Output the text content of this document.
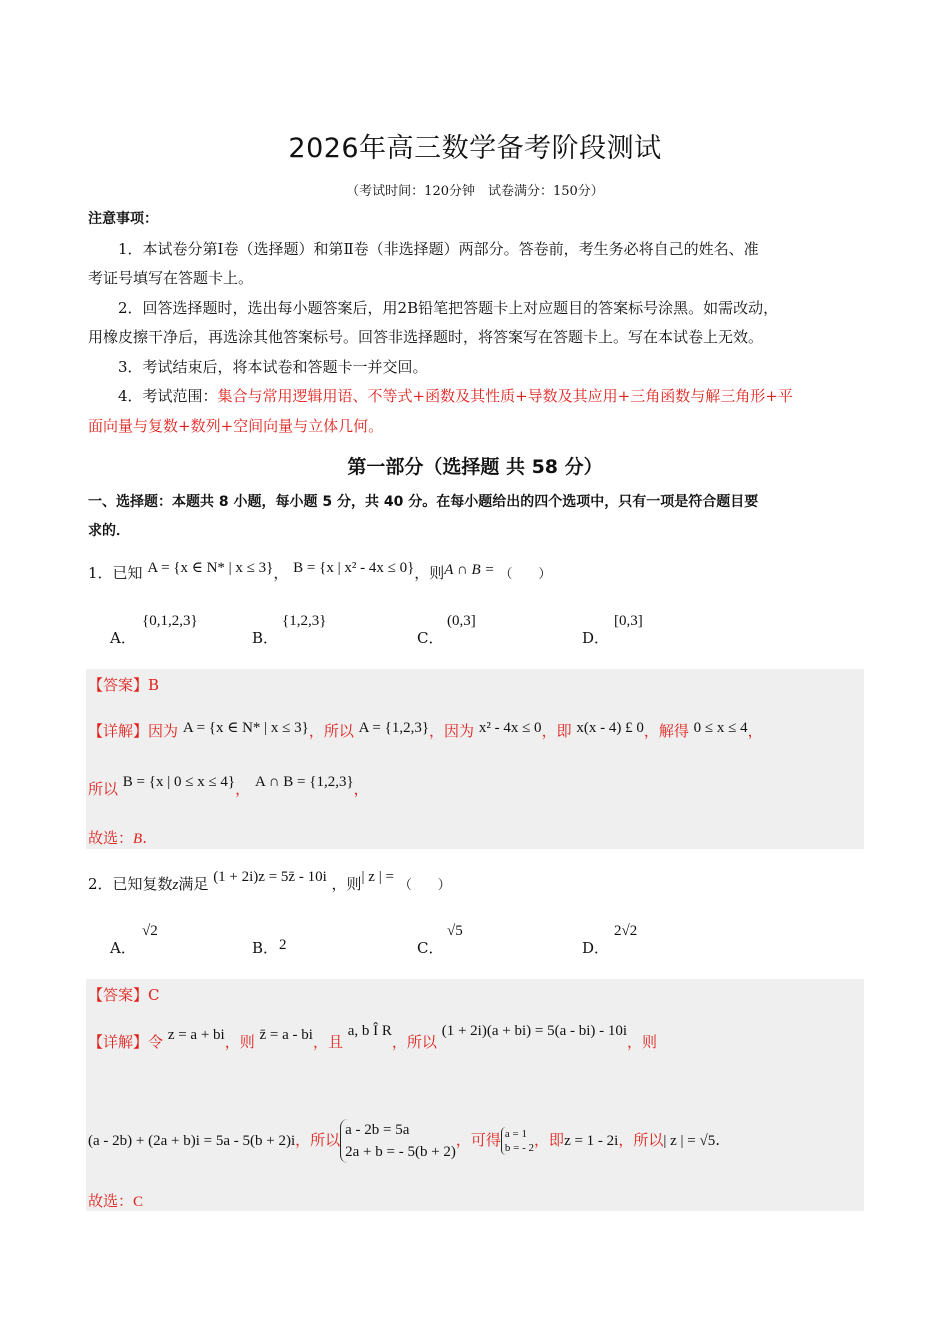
2026年高三数学备考阶段测试
（考试时间：120分钟　试卷满分：150分）
注意事项：
1．本试卷分第Ⅰ卷（选择题）和第Ⅱ卷（非选择题）两部分。答卷前，考生务必将自己的姓名、准
考证号填写在答题卡上。
2．回答选择题时，选出每小题答案后，用2B铅笔把答题卡上对应题目的答案标号涂黑。如需改动，
用橡皮擦干净后，再选涂其他答案标号。回答非选择题时，将答案写在答题卡上。写在本试卷上无效。
3．考试结束后，将本试卷和答题卡一并交回。
4．考试范围：集合与常用逻辑用语、不等式+函数及其性质+导数及其应用+三角函数与解三角形+平
面向量与复数+数列+空间向量与立体几何。
第一部分（选择题 共 58 分）
一、选择题：本题共 8 小题，每小题 5 分，共 40 分。在每小题给出的四个选项中，只有一项是符合题目要
求的．
1．已知 A = {x ∈ N* | x ≤ 3}， B = {x | x² - 4x ≤ 0}，则A ∩ B = （　　）
A．
{0,1,2,3}
B．
{1,2,3}
C．
(0,3]
D．
[0,3]
【答案】B
【详解】因为 A = {x ∈ N* | x ≤ 3}，所以 A = {1,2,3}，因为 x² - 4x ≤ 0，即 x(x - 4) £ 0，解得 0 ≤ x ≤ 4，
所以 B = {x | 0 ≤ x ≤ 4}， A ∩ B = {1,2,3}，
故选：B.
2．已知复数z满足 (1 + 2i)z = 5z̄ - 10i ，则| z | = （　　）
A．
√2
B． 2	C．
√5
D．
2√2
【答案】C
【详解】令 z = a + bi，则 z̄ = a - bi，且 a, b Î R，所以 (1 + 2i)(a + bi) = 5(a - bi) - 10i，则
(a - 2b) + (2a + b)i = 5a - 5(b + 2)i，所以a - 2b = 5a
2a + b = - 5(b + 2)，可得 a = 1
b = - 2，即z = 1 - 2i，所以| z | = √5.
故选：C
